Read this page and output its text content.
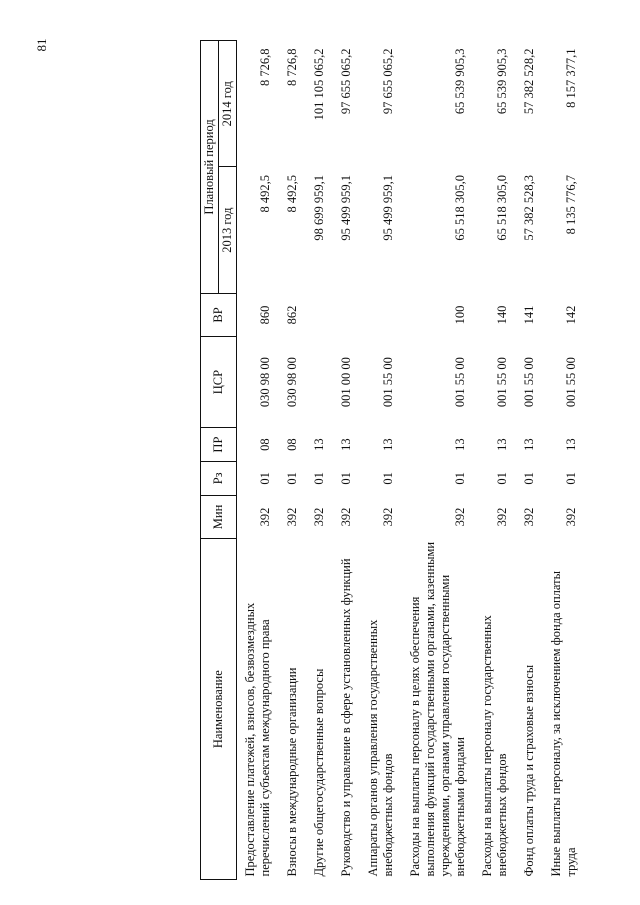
81
Наименование	Мин	Рз	ПР	ЦСР	ВР	Плановый период	
						2013 год	2014 год
Предоставление платежей, взносов, безвозмездных перечислений субъектам международного права	392	01	08	030 98 00	860	8 492,5	8 726,8
Взносы в международные организации	392	01	08	030 98 00	862	8 492,5	8 726,8
Другие общегосударственные вопросы	392	01	13			98 699 959,1	101 105 065,2
Руководство и управление в сфере установленных функций	392	01	13	001 00 00		95 499 959,1	97 655 065,2
Аппараты органов управления государственных внебюджетных фондов	392	01	13	001 55 00		95 499 959,1	97 655 065,2
Расходы на выплаты персоналу в целях обеспечения выполнения функций государственными органами, казенными учреждениями, органами управления государственными внебюджетными фондами	392	01	13	001 55 00	100	65 518 305,0	65 539 905,3
Расходы на выплаты персоналу государственных внебюджетных фондов	392	01	13	001 55 00	140	65 518 305,0	65 539 905,3
Фонд оплаты труда и страховые взносы	392	01	13	001 55 00	141	57 382 528,3	57 382 528,2
Иные выплаты персоналу, за исключением фонда оплаты труда	392	01	13	001 55 00	142	8 135 776,7	8 157 377,1
